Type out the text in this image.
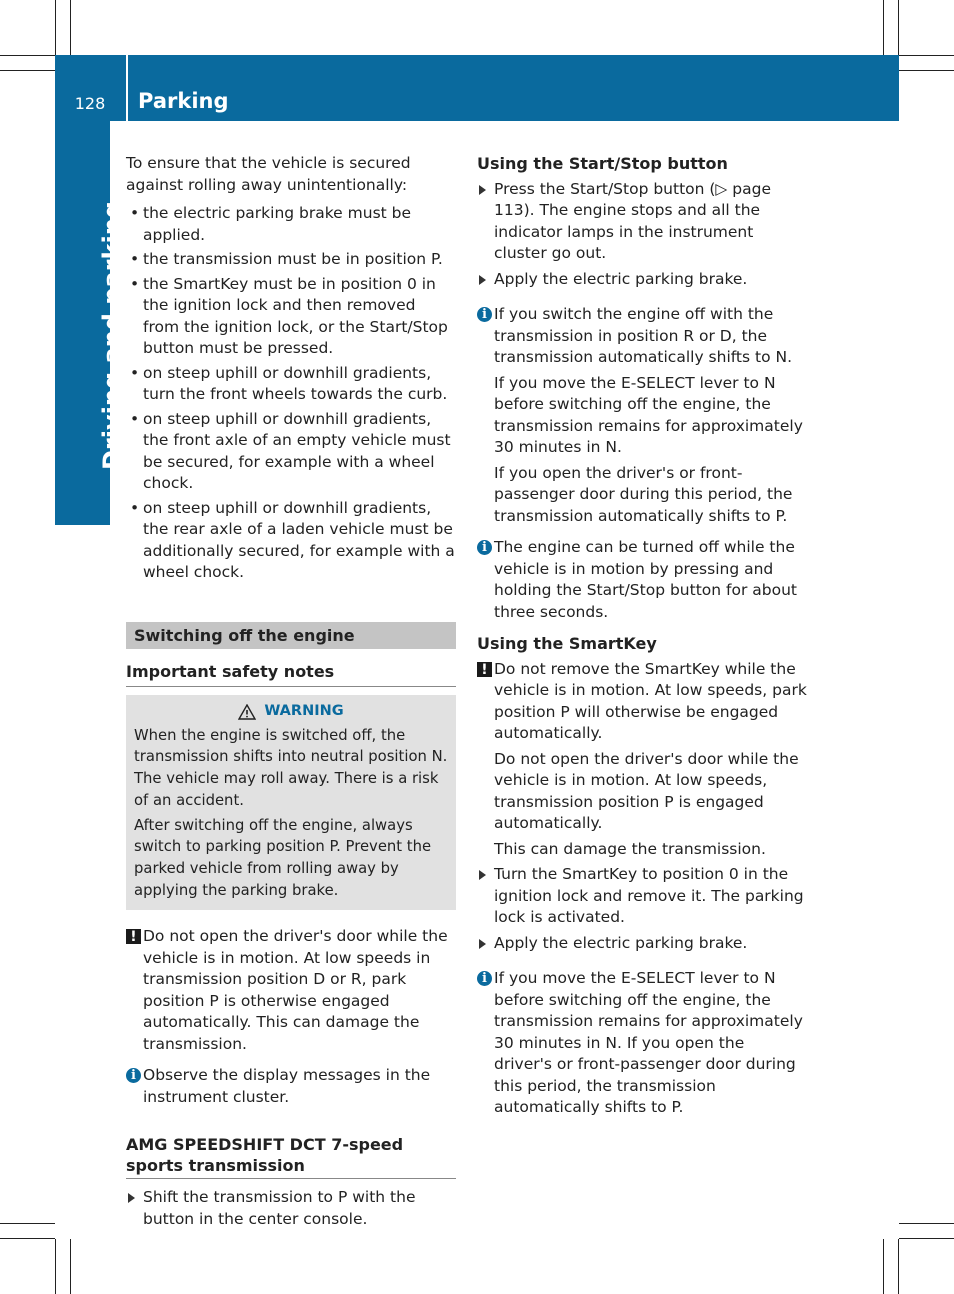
128	Parking
Driving and parking

To ensure that the vehicle is secured against rolling away unintentionally:

• the electric parking brake must be applied.
• the transmission must be in position P.
• the SmartKey must be in position 0 in the ignition lock and then removed from the ignition lock, or the Start/Stop button must be pressed.
• on steep uphill or downhill gradients, turn the front wheels towards the curb.
• on steep uphill or downhill gradients, the front axle of an empty vehicle must be secured, for example with a wheel chock.
• on steep uphill or downhill gradients, the rear axle of a laden vehicle must be additionally secured, for example with a wheel chock.
Switching off the engine
Important safety notes
WARNING

When the engine is switched off, the transmission shifts into neutral position N. The vehicle may roll away. There is a risk of an accident.

After switching off the engine, always switch to parking position P. Prevent the parked vehicle from rolling away by applying the parking brake.

!

Do not open the driver's door while the vehicle is in motion. At low speeds in transmission position D or R, park position P is otherwise engaged automatically. This can damage the transmission.

i

Observe the display messages in the instrument cluster.

AMG SPEEDSHIFT DCT 7-speed sports transmission

Shift the transmission to P with the button in the center console.

Using the Start/Stop button

Press the Start/Stop button (▷ page 113). The engine stops and all the indicator lamps in the instrument cluster go out.

Apply the electric parking brake.

i

If you switch the engine off with the transmission in position R or D, the transmission automatically shifts to N.

If you move the E-SELECT lever to N before switching off the engine, the transmission remains for approximately 30 minutes in N.

If you open the driver's or front-passenger door during this period, the transmission automatically shifts to P.

i

The engine can be turned off while the vehicle is in motion by pressing and holding the Start/Stop button for about three seconds.

Using the SmartKey

!

Do not remove the SmartKey while the vehicle is in motion. At low speeds, park position P will otherwise be engaged automatically.

Do not open the driver's door while the vehicle is in motion. At low speeds, transmission position P is engaged automatically.

This can damage the transmission.

Turn the SmartKey to position 0 in the ignition lock and remove it. The parking lock is activated.

Apply the electric parking brake.

i

If you move the E-SELECT lever to N before switching off the engine, the transmission remains for approximately 30 minutes in N. If you open the driver's or front-passenger door during this period, the transmission automatically shifts to P.
